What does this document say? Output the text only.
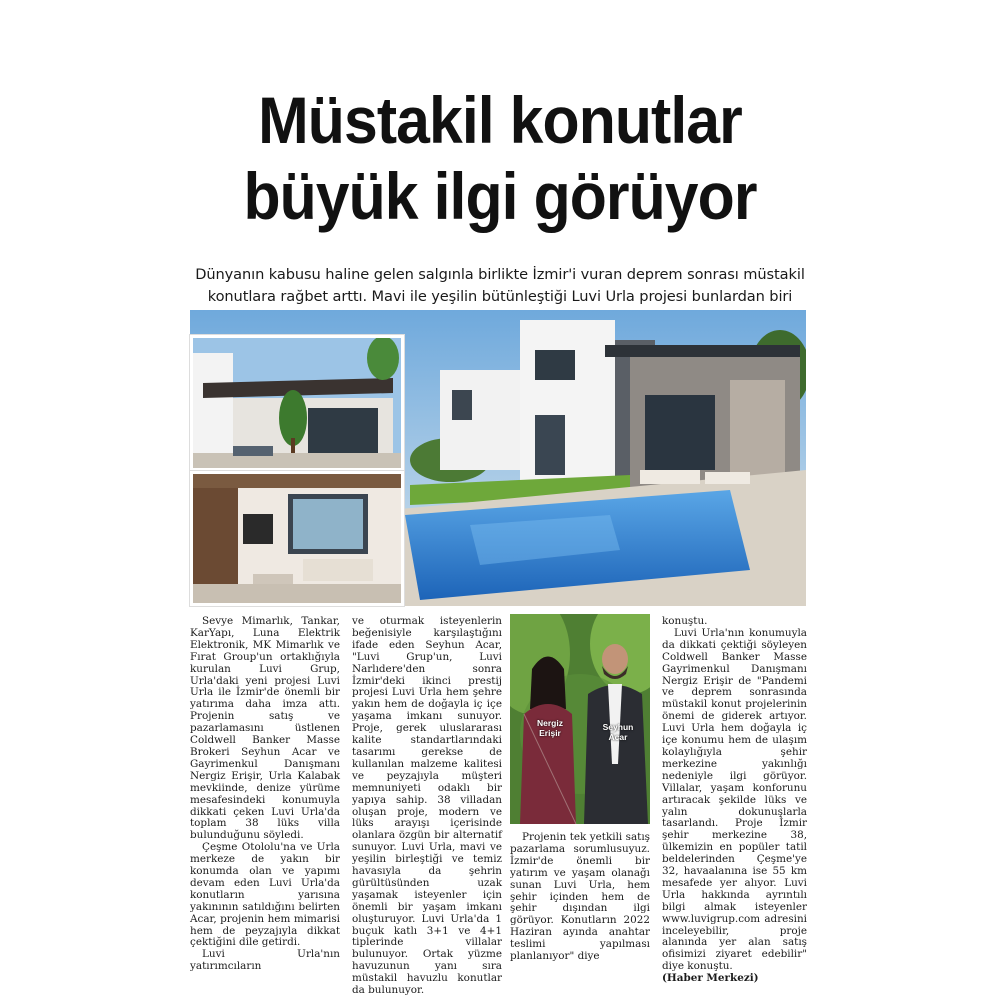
Müstakil konutlar
büyük ilgi görüyor
Dünyanın kabusu haline gelen salgınla birlikte İzmir'i vuran deprem sonrası müstakil
konutlara rağbet arttı. Mavi ile yeşilin bütünleştiği Luvi Urla projesi bunlardan biri

Sevye Mimarlık, Tankar, KarYapı, Luna Elektrik Elektronik, MK Mimarlık ve Fırat Group'un ortaklığıyla kurulan Luvi Grup, Urla'daki yeni projesi Luvi Urla ile İzmir'de önemli bir yatırıma daha imza attı. Projenin satış ve pazarlamasını üstlenen Coldwell Banker Masse Brokeri Seyhun Acar ve Gayrimenkul Danışmanı Nergiz Erişir, Urla Kalabak mevkiinde, denize yürüme mesafesindeki konumuyla dikkati çeken Luvi Urla'da toplam 38 lüks villa bulunduğunu söyledi.

Çeşme Otololu'na ve Urla merkeze de yakın bir konumda olan ve yapımı devam eden Luvi Urla'da konutların yarısına yakınının satıldığını belirten Acar, projenin hem mimarisi hem de peyzajıyla dikkat çektiğini dile getirdi.

Luvi Urla'nın yatırımcıların

ve oturmak isteyenlerin beğenisiyle karşılaştığını ifade eden Seyhun Acar, "Luvi Grup'un, Luvi Narlıdere'den sonra İzmir'deki ikinci prestij projesi Luvi Urla hem şehre yakın hem de doğayla iç içe yaşama imkanı sunuyor. Proje, gerek uluslararası kalite standartlarındaki tasarımı gerekse de kullanılan malzeme kalitesi ve peyzajıyla müşteri memnuniyeti odaklı bir yapıya sahip. 38 villadan oluşan proje, modern ve lüks arayışı içerisinde olanlara özgün bir alternatif sunuyor. Luvi Urla, mavi ve yeşilin birleştiği ve temiz havasıyla da şehrin gürültüsünden uzak yaşamak isteyenler için önemli bir yaşam imkanı oluşturuyor. Luvi Urla'da 1 buçuk katlı 3+1 ve 4+1 tiplerinde villalar bulunuyor. Ortak yüzme havuzunun yanı sıra müstakil havuzlu konutlar da bulunuyor.

Nergiz Erişir
Seyhun Acar

Projenin tek yetkili satış pazarlama sorumlusuyuz. İzmir'de önemli bir yatırım ve yaşam olanağı sunan Luvi Urla, hem şehir içinden hem de şehir dışından ilgi görüyor. Konutların 2022 Haziran ayında anahtar teslimi yapılması planlanıyor" diye

konuştu.

Luvi Urla'nın konumuyla da dikkati çektiği söyleyen Coldwell Banker Masse Gayrimenkul Danışmanı Nergiz Erişir de "Pandemi ve deprem sonrasında müstakil konut projelerinin önemi de giderek artıyor. Luvi Urla hem doğayla iç içe konumu hem de ulaşım kolaylığıyla şehir merkezine yakınlığı nedeniyle ilgi görüyor. Villalar, yaşam konforunu artıracak şekilde lüks ve yalın dokunuşlarla tasarlandı. Proje İzmir şehir merkezine 38, ülkemizin en popüler tatil beldelerinden Çeşme'ye 32, havaalanına ise 55 km mesafede yer alıyor. Luvi Urla hakkında ayrıntılı bilgi almak isteyenler www.luvigrup.com adresini inceleyebilir, proje alanında yer alan satış ofisimizi ziyaret edebilir" diye konuştu.

(Haber Merkezi)
